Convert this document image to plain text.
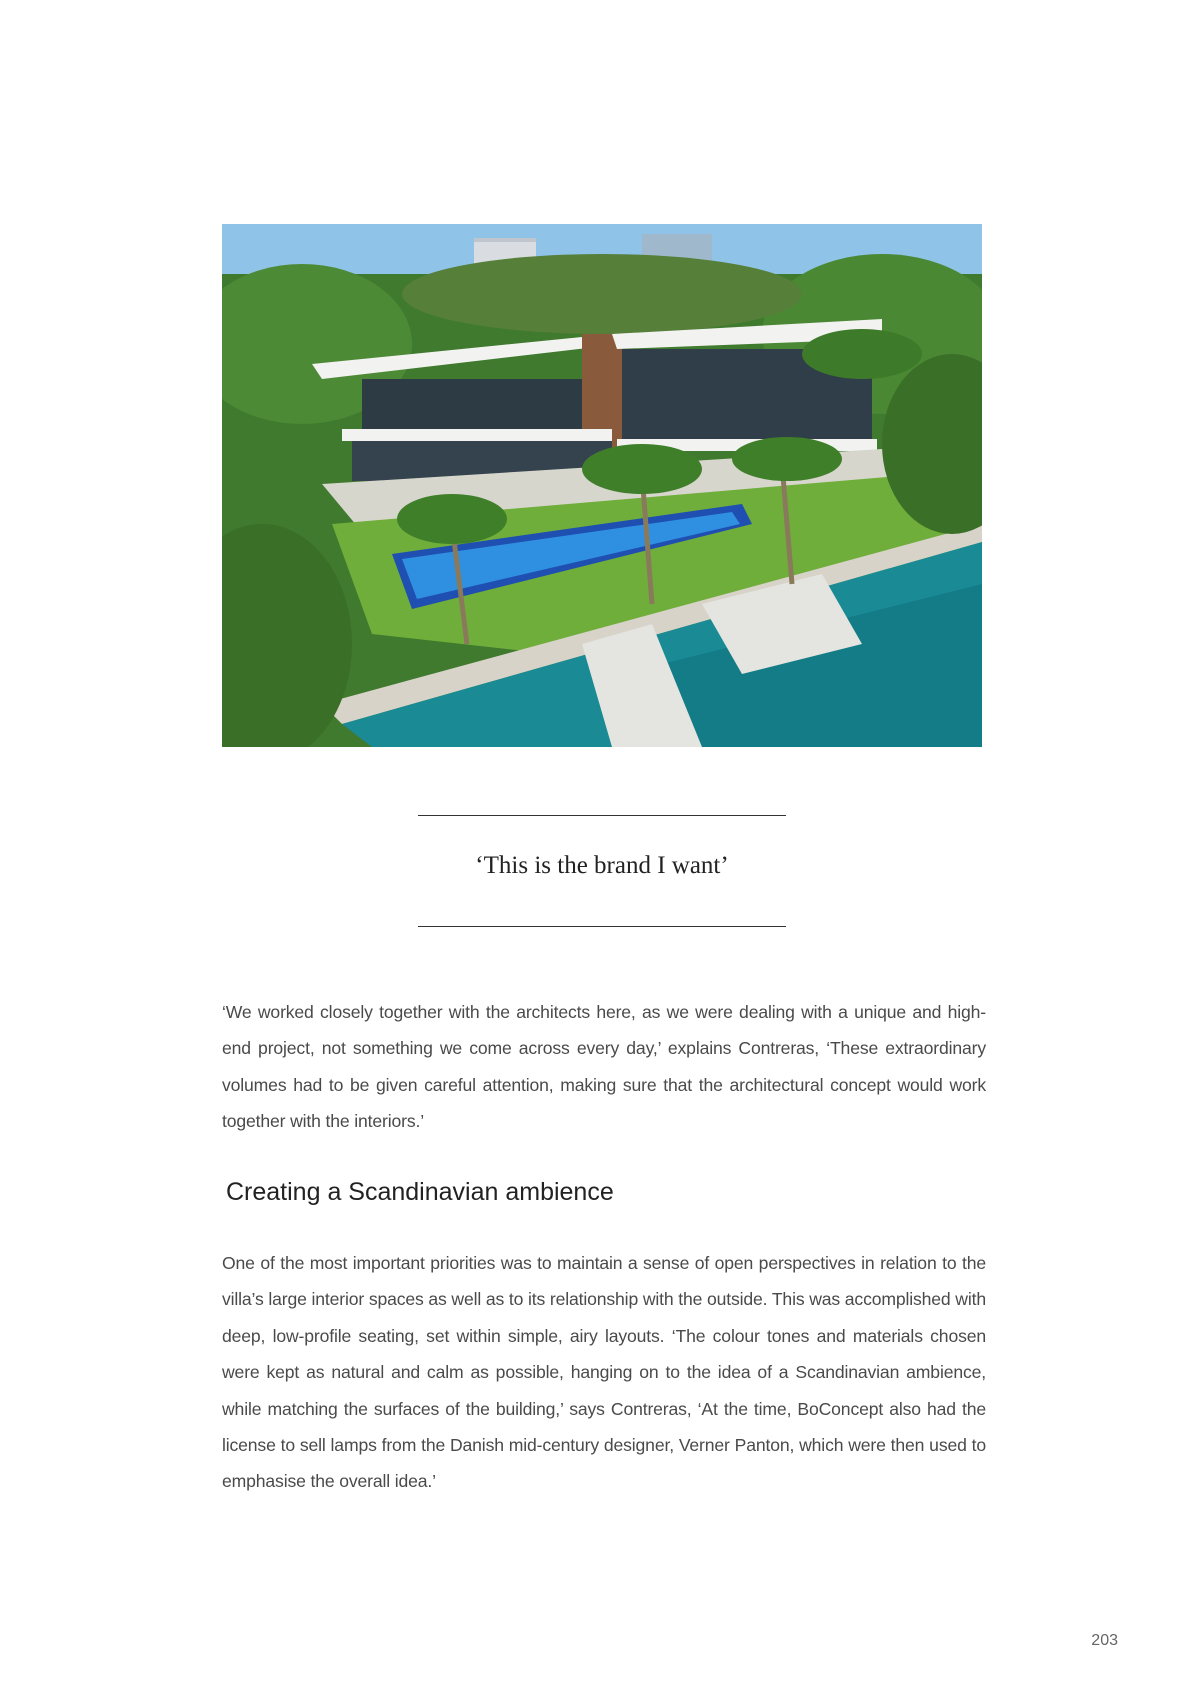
‘This is the brand I want’

‘We worked closely together with the architects here, as we were dealing with a unique and high-end project, not something we come across every day,’ explains Contreras, ‘These extraordinary volumes had to be given careful attention, making sure that the architectural concept would work together with the interiors.’

Creating a Scandinavian ambience

One of the most important priorities was to maintain a sense of open perspectives in relation to the villa’s large interior spaces as well as to its relationship with the outside. This was accomplished with deep, low-profile seating, set within simple, airy layouts. ‘The colour tones and materials chosen were kept as natural and calm as possible, hanging on to the idea of a Scandinavian ambience, while matching the surfaces of the building,’ says Contreras, ‘At the time, BoConcept also had the license to sell lamps from the Danish mid-century designer, Verner Panton, which were then used to emphasise the overall idea.’

203
